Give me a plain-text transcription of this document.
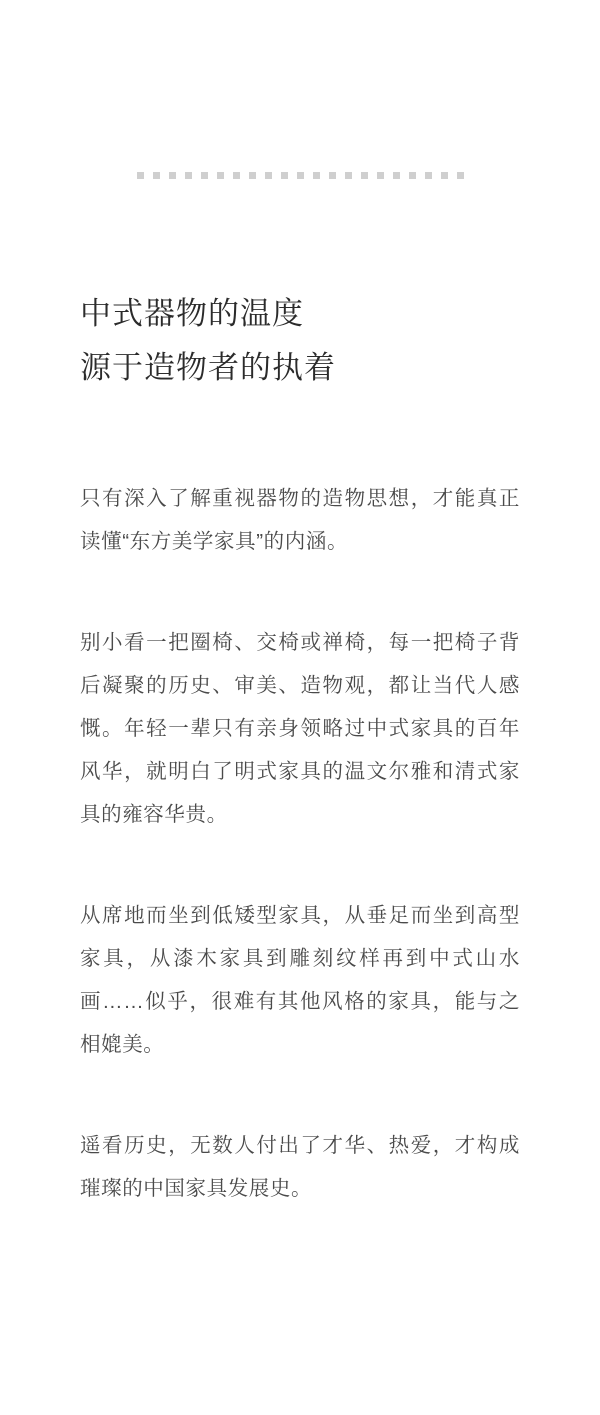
中式器物的温度
源于造物者的执着

只有深入了解重视器物的造物思想，才能真正读懂“东方美学家具”的内涵。

别小看一把圈椅、交椅或禅椅，每一把椅子背后凝聚的历史、审美、造物观，都让当代人感慨。年轻一辈只有亲身领略过中式家具的百年风华，就明白了明式家具的温文尔雅和清式家具的雍容华贵。

从席地而坐到低矮型家具，从垂足而坐到高型家具，从漆木家具到雕刻纹样再到中式山水画……似乎，很难有其他风格的家具，能与之相媲美。

遥看历史，无数人付出了才华、热爱，才构成璀璨的中国家具发展史。
